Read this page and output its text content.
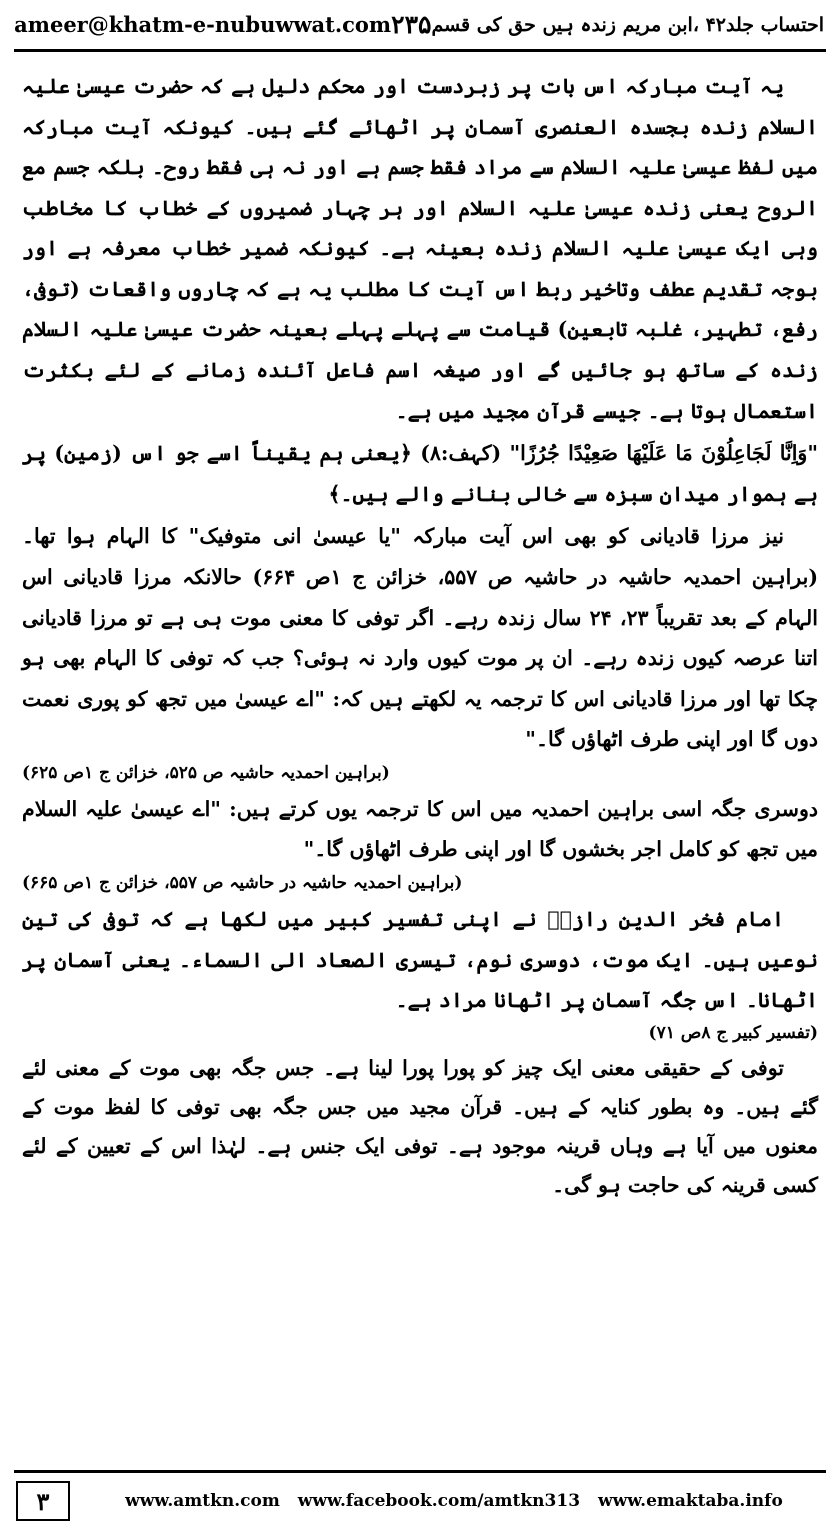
احتساب جلد۴۲ ،ابن مریم زندہ ہیں حق کی قسم
۲۳۵
ameer@khatm-e-nubuwwat.com

یہ آیت مبارکہ اس بات پر زبردست اور محکم دلیل ہے کہ حضرت عیسیٰ علیہ السلام زندہ بجسدہ العنصری آسمان پر اٹھائے گئے ہیں۔ کیونکہ آیت مبارکہ میں لفظ عیسیٰ علیہ السلام سے مراد فقط جسم ہے اور نہ ہی فقط روح۔ بلکہ جسم مع الروح یعنی زندہ عیسیٰ علیہ السلام اور ہر چہار ضمیروں کے خطاب کا مخاطب وہی ایک عیسیٰ علیہ السلام زندہ بعینہ ہے۔ کیونکہ ضمیر خطاب معرفہ ہے اور بوجہ تقدیم عطف وتاخیر ربط اس آیت کا مطلب یہ ہے کہ چاروں واقعات (توفی، رفع، تطہیر، غلبہ تابعین) قیامت سے پہلے پہلے بعینہ حضرت عیسیٰ علیہ السلام زندہ کے ساتھ ہو جائیں گے اور صیغہ اسم فاعل آئندہ زمانے کے لئے بکثرت استعمال ہوتا ہے۔ جیسے قرآن مجید میں ہے۔

"وَاِنَّا لَجَاعِلُوْنَ مَا عَلَيْهَا صَعِيْدًا جُرُزًا" (کہف:۸) ﴿یعنی ہم یقیناً اسے جو اس (زمین) پر ہے ہموار میدان سبزہ سے خالی بنانے والے ہیں۔﴾

نیز مرزا قادیانی کو بھی اس آیت مبارکہ "یا عیسیٰ انی متوفیک" کا الہام ہوا تھا۔ (براہین احمدیہ حاشیہ در حاشیہ ص ۵۵۷، خزائن ج ۱ص ۶۶۴) حالانکہ مرزا قادیانی اس الہام کے بعد تقریباً ۲۳، ۲۴ سال زندہ رہے۔ اگر توفی کا معنی موت ہی ہے تو مرزا قادیانی اتنا عرصہ کیوں زندہ رہے۔ ان پر موت کیوں وارد نہ ہوئی؟ جب کہ توفی کا الہام بھی ہو چکا تھا اور مرزا قادیانی اس کا ترجمہ یہ لکھتے ہیں کہ: "اے عیسیٰ میں تجھ کو پوری نعمت دوں گا اور اپنی طرف اٹھاؤں گا۔"

(براہین احمدیہ حاشیہ ص ۵۲۵، خزائن ج ۱ص ۶۲۵)

دوسری جگہ اسی براہین احمدیہ میں اس کا ترجمہ یوں کرتے ہیں: "اے عیسیٰ علیہ السلام میں تجھ کو کامل اجر بخشوں گا اور اپنی طرف اٹھاؤں گا۔"

(براہین احمدیہ حاشیہ در حاشیہ ص ۵۵۷، خزائن ج ۱ص ۶۶۵)

امام فخر الدین رازیؒ نے اپنی تفسیر کبیر میں لکھا ہے کہ توفی کی تین نوعیں ہیں۔ ایک موت، دوسری نوم، تیسری الصعاد الی السماء۔ یعنی آسمان پر اٹھانا۔ اس جگہ آسمان پر اٹھانا مراد ہے۔

(تفسیر کبیر ج ۸ص ۷۱)

توفی کے حقیقی معنی ایک چیز کو پورا پورا لینا ہے۔ جس جگہ بھی موت کے معنی لئے گئے ہیں۔ وہ بطور کنایہ کے ہیں۔ قرآن مجید میں جس جگہ بھی توفی کا لفظ موت کے معنوں میں آیا ہے وہاں قرینہ موجود ہے۔ توفی ایک جنس ہے۔ لہٰذا اس کے تعیین کے لئے کسی قرینہ کی حاجت ہو گی۔

۳	www.amtkn.com www.facebook.com/amtkn313 www.emaktaba.info
